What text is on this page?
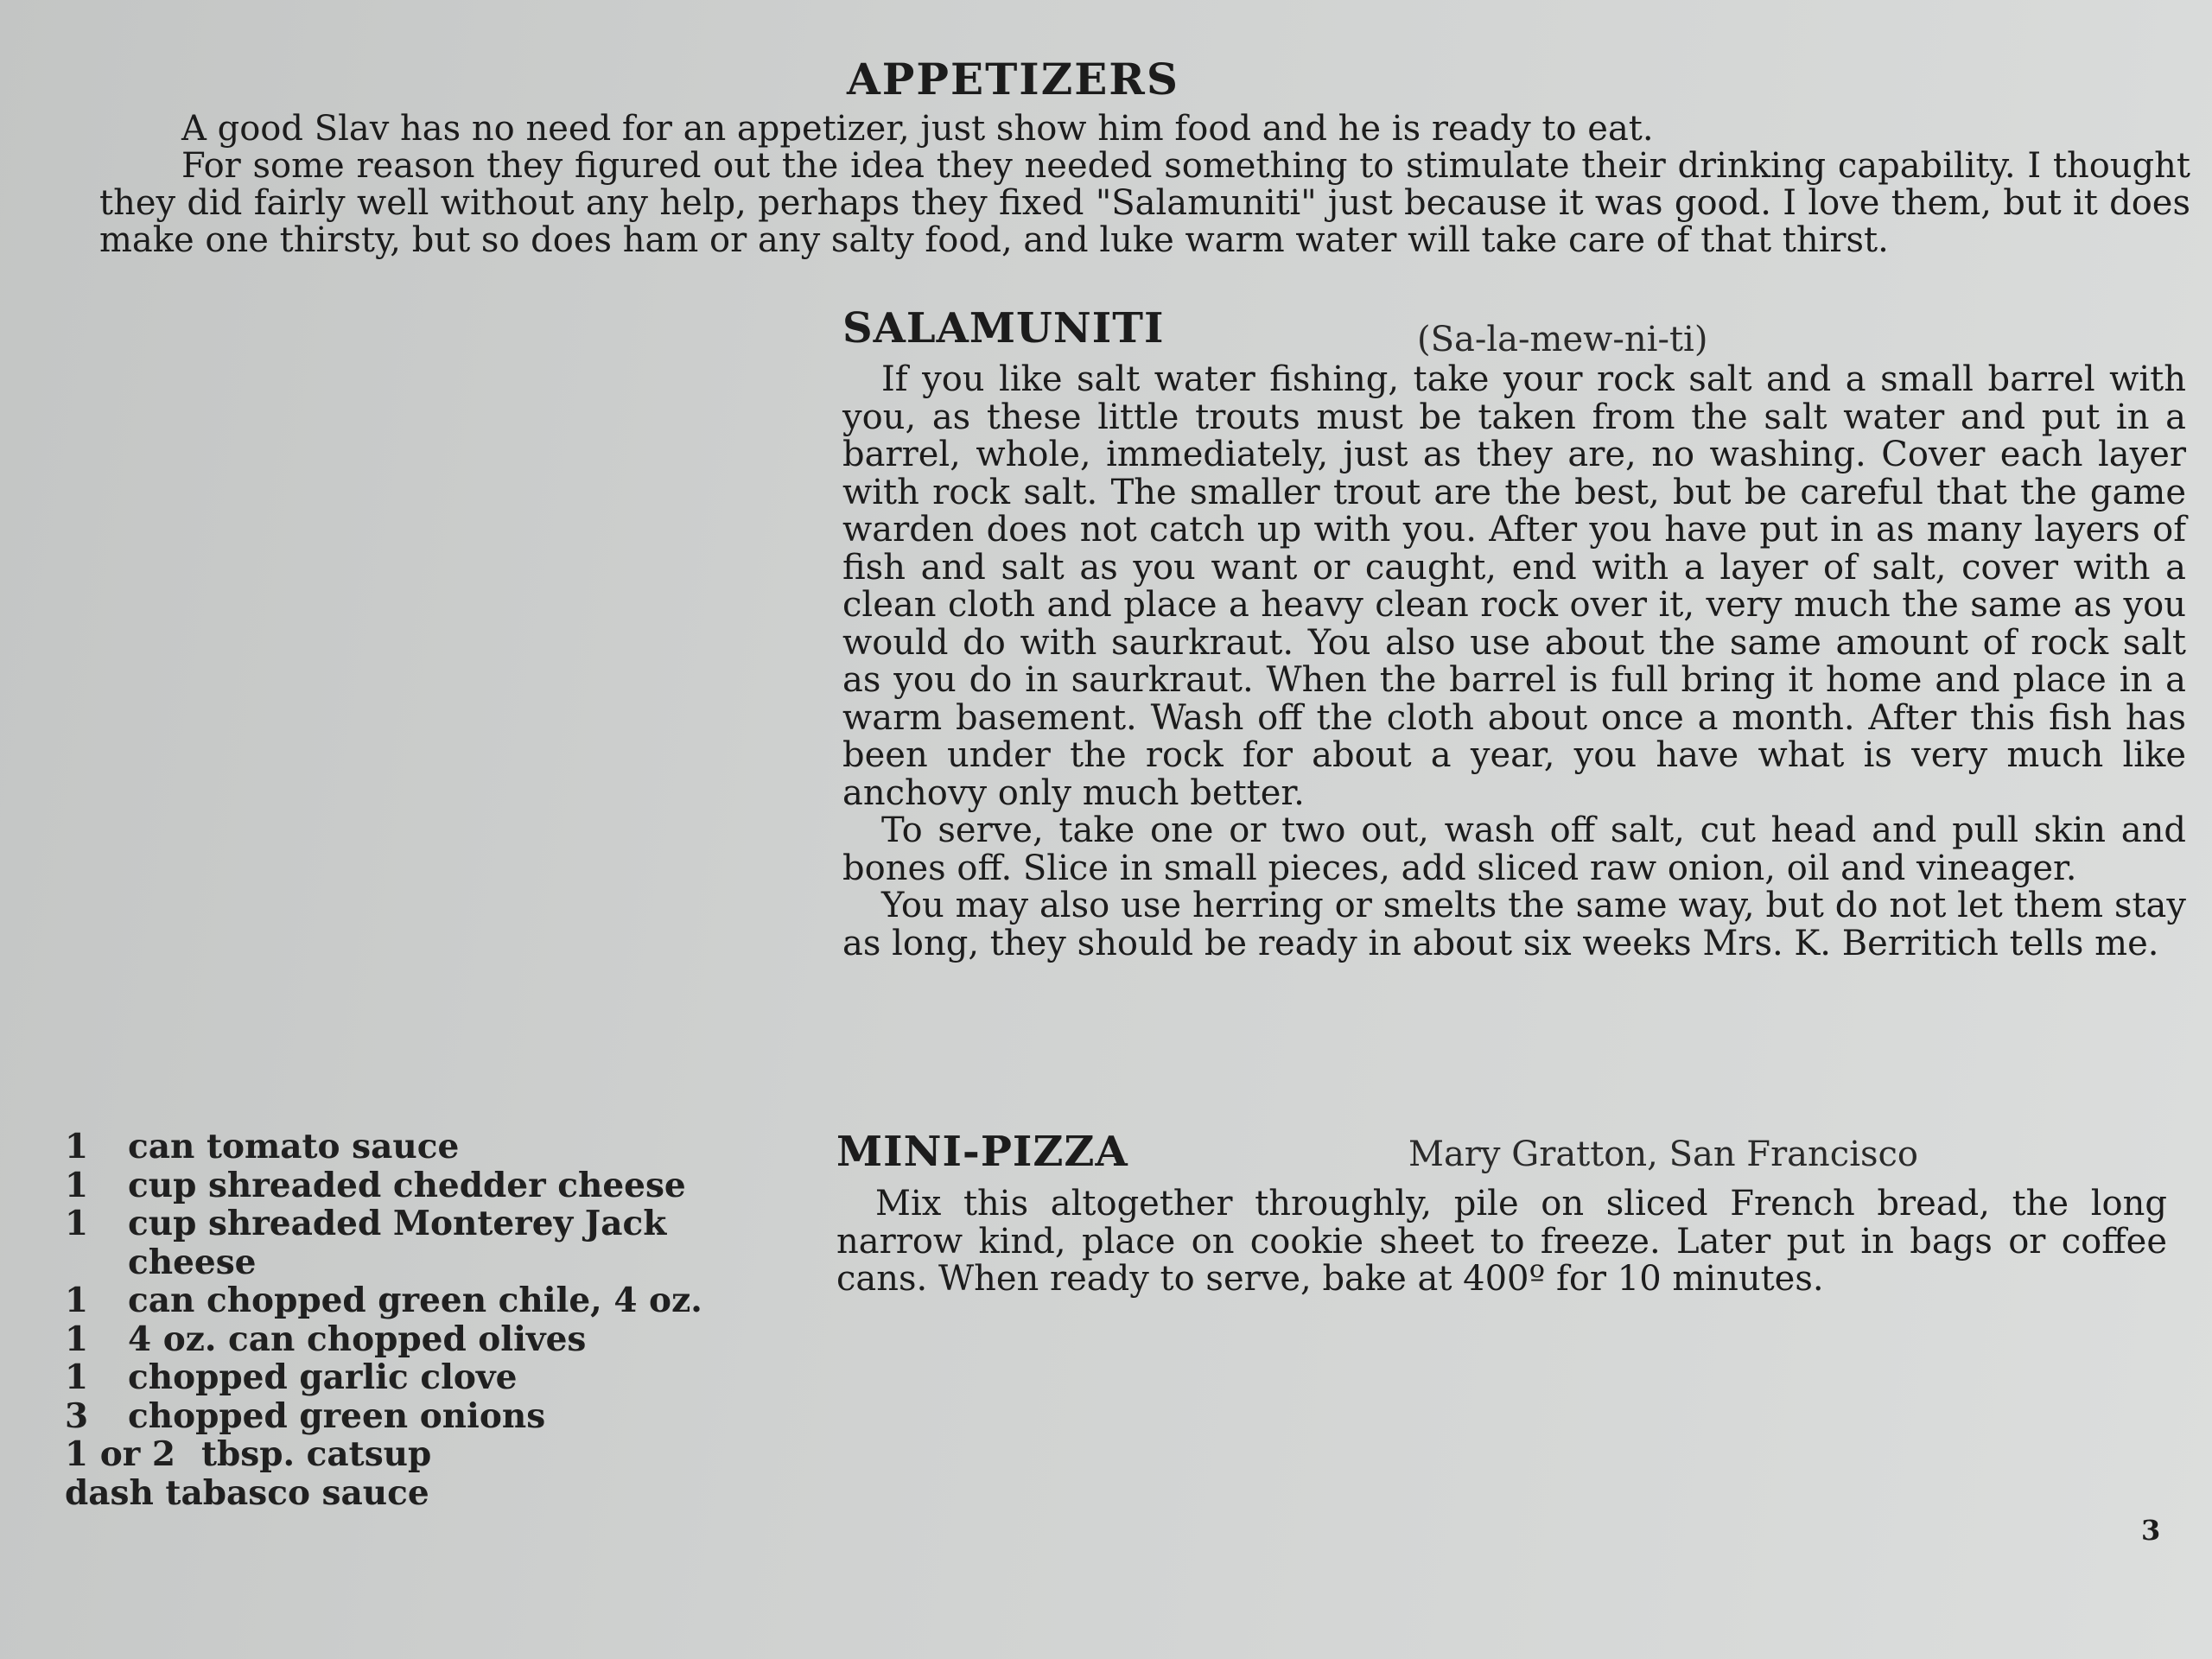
APPETIZERS

A good Slav has no need for an appetizer, just show him food and he is ready to eat.

For some reason they figured out the idea they needed something to stimulate their drinking capability. I thought they did fairly well without any help, perhaps they fixed "Salamuniti" just because it was good. I love them, but it does make one thirsty, but so does ham or any salty food, and luke warm water will take care of that thirst.

SALAMUNITI	(Sa-la-mew-ni-ti)

If you like salt water fishing, take your rock salt and a small barrel with you, as these little trouts must be taken from the salt water and put in a barrel, whole, immediately, just as they are, no washing. Cover each layer with rock salt. The smaller trout are the best, but be careful that the game warden does not catch up with you. After you have put in as many layers of fish and salt as you want or caught, end with a layer of salt, cover with a clean cloth and place a heavy clean rock over it, very much the same as you would do with saurkraut. You also use about the same amount of rock salt as you do in saurkraut. When the barrel is full bring it home and place in a warm basement. Wash off the cloth about once a month. After this fish has been under the rock for about a year, you have what is very much like anchovy only much better.

To serve, take one or two out, wash off salt, cut head and pull skin and bones off. Slice in small pieces, add sliced raw onion, oil and vineager.

You may also use herring or smelts the same way, but do not let them stay as long, they should be ready in about six weeks Mrs. K. Berritich tells me.

MINI-PIZZA	Mary Gratton, San Francisco

Mix this altogether throughly, pile on sliced French bread, the long narrow kind, place on cookie sheet to freeze. Later put in bags or coffee cans. When ready to serve, bake at 400º for 10 minutes.

1	can tomato sauce
1	cup shreaded chedder cheese
1	cup shreaded Monterey Jack cheese
1	can chopped green chile, 4 oz.
1	4 oz. can chopped olives
1	chopped garlic clove
3	chopped green onions
1 or 2 tbsp. catsup
dash tabasco sauce

3
